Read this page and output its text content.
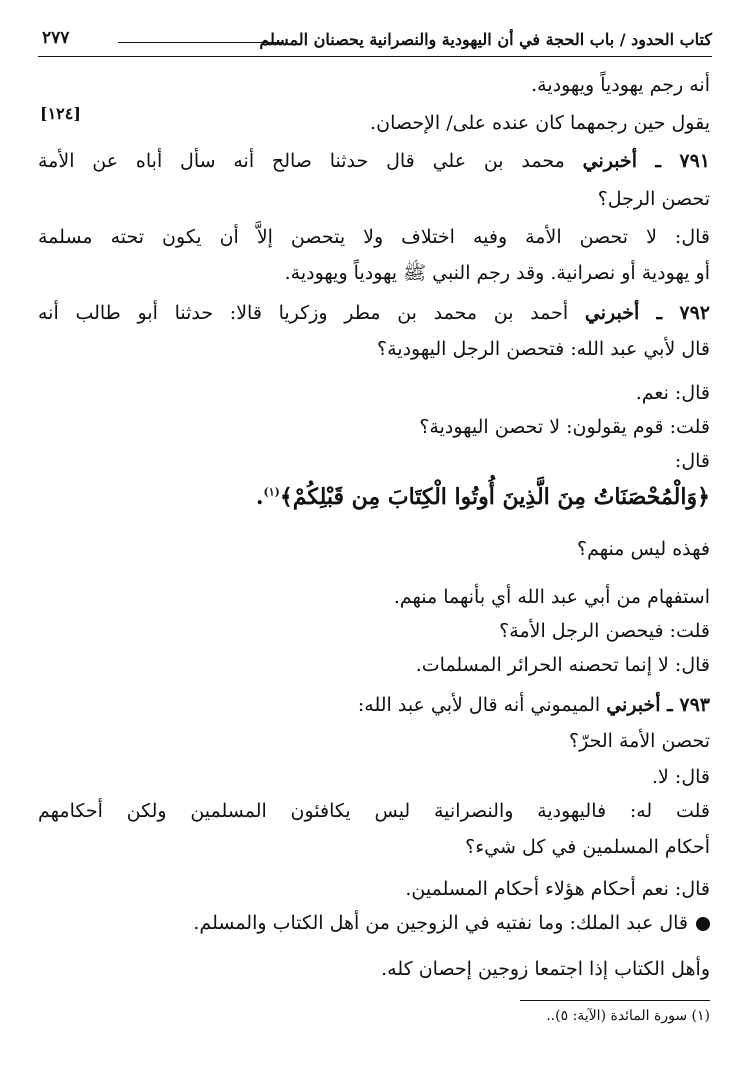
كتاب الحدود / باب الحجة في أن اليهودية والنصرانية يحصنان المسلم
٢٧٧
[١٢٤]
أنه رجم يهودياً ويهودية.
يقول حين رجمهما كان عنده على/ الإحصان.
٧٩١ ـ أخبرني محمد بن علي قال حدثنا صالح أنه سأل أباه عن الأمة
تحصن الرجل؟
قال: لا تحصن الأمة وفيه اختلاف ولا يتحصن إلاَّ أن يكون تحته مسلمة
أو يهودية أو نصرانية. وقد رجم النبي ﷺ يهودياً ويهودية.
٧٩٢ ـ أخبرني أحمد بن محمد بن مطر وزكريا قالا: حدثنا أبو طالب أنه
قال لأبي عبد الله: فتحصن الرجل اليهودية؟
قال: نعم.
قلت: قوم يقولون: لا تحصن اليهودية؟
قال:
﴿وَالْمُحْصَنَاتُ مِنَ الَّذِينَ أُوتُوا الْكِتَابَ مِن قَبْلِكُمْ﴾$^{(١)}$.
فهذه ليس منهم؟
استفهام من أبي عبد الله أي بأنهما منهم.
قلت: فيحصن الرجل الأمة؟
قال: لا إنما تحصنه الحرائر المسلمات.
٧٩٣ ـ أخبرني الميموني أنه قال لأبي عبد الله:
تحصن الأمة الحرّ؟
قال: لا.
قلت له: فاليهودية والنصرانية ليس يكافئون المسلمين ولكن أحكامهم
أحكام المسلمين في كل شيء؟
قال: نعم أحكام هؤلاء أحكام المسلمين.
قال عبد الملك: وما نفتيه في الزوجين من أهل الكتاب والمسلم.
وأهل الكتاب إذا اجتمعا زوجين إحصان كله.
(١) سورة المائدة (الآية: ٥)..
